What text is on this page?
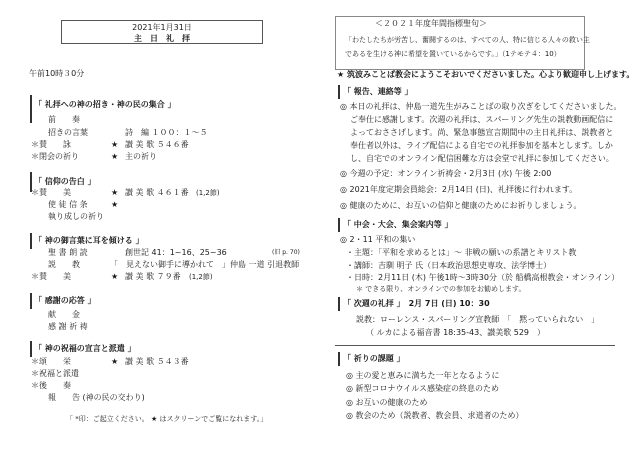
2021年1月31日
主　日　礼　拝
＜２０２１年度年間指標聖句＞
「わたしたちが労苦し、奮闘するのは、すべての人、特に信じる人々の救い主
であるを生ける神に希望を置いているからです。」（1テモテ４：10）
午前10時３0分	★ 筑波みことば教会にようこそおいでくださいました。心より歓迎申し上げます。
「 礼拝への神の招き・神の民の集合 」
前　　奏
招きの言葉	詩　編 １００：１～５
＊賛　　詠	★ 讃 美 歌 ５４６番
＊閉会の祈り	★ 主の祈り
「 信仰の告白 」
＊賛　　美	★ 讃 美 歌 ４６１番 (1,2節)
使 徒 信 条	★
執り成しの祈り
「 神の御言葉に耳を傾ける 」
聖 書 朗 読	創世記 41：1~16、25~36	(旧 p. 70)
説　　教	「　見えない御手に導かれて　」 仲島 一道 引退教師
＊賛　　美	★ 讃 美 歌 ７９番 (1,2節)
「 感謝の応答 」
献　　金
感 謝 祈 祷
「 神の祝福の宣言と派遣 」
＊頌　　栄	★ 讃 美 歌 ５４３番
＊祝福と派遣
＊後　　奏
報　　告 (神の民の交わり)
「 *印：ご起立ください。 ★ はスクリーンでご覧になれます。」
「 報告、連絡等 」
◎ 本日の礼拝は、仲島一道先生がみことばの取り次ぎをしてくださいました。
ご奉仕に感謝します。次週の礼拝は、スパーリング先生の説教動画配信に
よっておささげします。尚、緊急事態宣言期間中の主日礼拝は、説教者と
奉仕者以外は、ライブ配信による自宅での礼拝参加を基本とします。しか
し、自宅でのオンライン配信困難な方は会堂で礼拝に参加してください。
◎ 今週の予定：オンライン祈祷会・2月3日 (水) 午後 2:00
◎ 2021年度定期会員総会：2月14日 (日)、礼拝後に行われます。
◎ 健康のために、お互いの信仰と健康のためにお祈りしましょう。
「 中会・大会、集会案内等 」
◎ 2・11 平和の集い
・主題：「平和を求めるとは」～ 非戦の願いの系譜とキリスト教
・講師：吉馴 明子 氏（日本政治思想史専攻、法学博士）
・日時：2月11日 (木) 午後1時～3時30分（於 船橋高根教会・オンライン）
＊ できる限り、オンラインでの参加をお勧めします。
「 次週の礼拝 」　2月 7日 (日) 10：30
説教：ローレンス・スパーリング宣教師　「　黙っていられない　」
（ ルカによる福音書 18:35-43、讃美歌 529　）
「 祈りの課題 」
◎ 主の愛と恵みに満ちた一年となるように
◎ 新型コロナウイルス感染症の終息のため
◎ お互いの健康のため
◎ 教会のため（説教者、教会員、求道者のため）
